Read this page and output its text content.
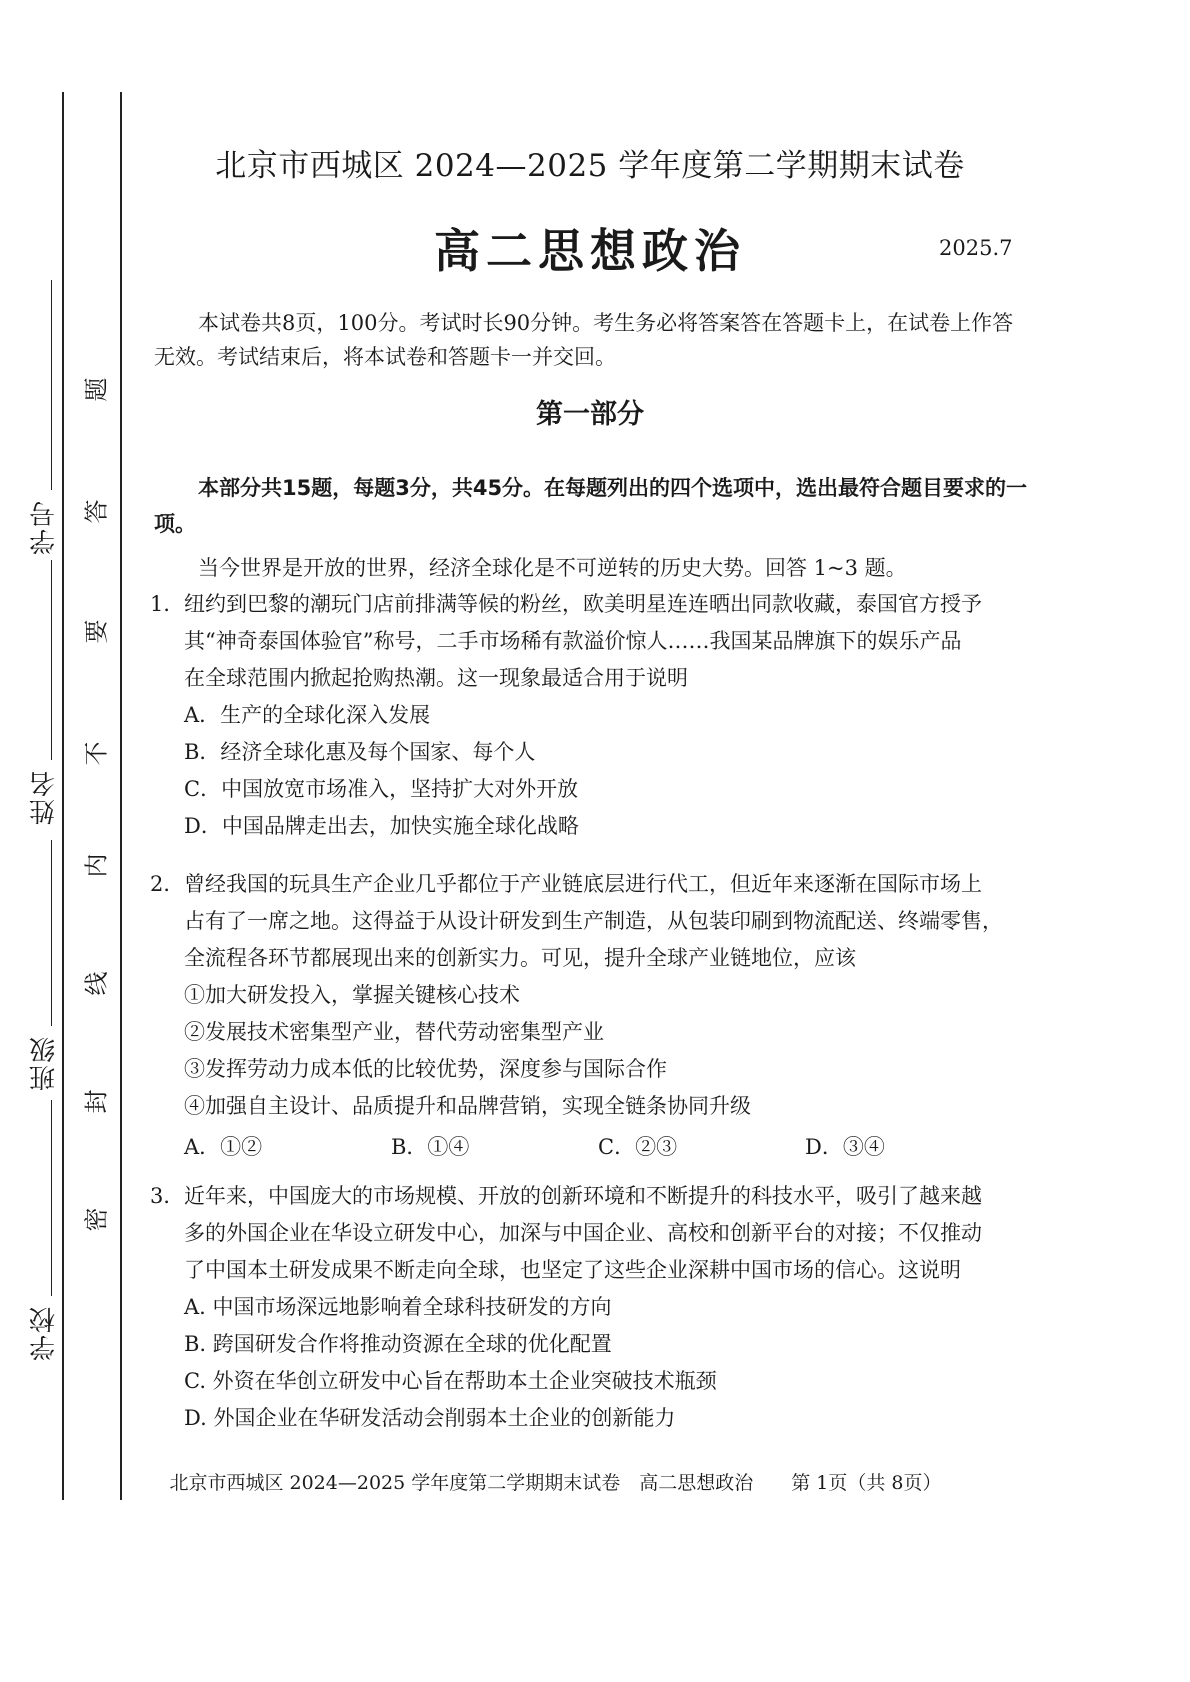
学号
姓名
班级
学校
题
答
要
不
内
线
封
密
北京市西城区 2024—2025 学年度第二学期期末试卷
高二思想政治	2025.7
本试卷共8页，100分。考试时长90分钟。考生务必将答案答在答题卡上，在试卷上作答无效。考试结束后，将本试卷和答题卡一并交回。
第一部分
本部分共15题，每题3分，共45分。在每题列出的四个选项中，选出最符合题目要求的一项。
当今世界是开放的世界，经济全球化是不可逆转的历史大势。回答 1~3 题。
1． 纽约到巴黎的潮玩门店前排满等候的粉丝，欧美明星连连晒出同款收藏，泰国官方授予
其“神奇泰国体验官”称号，二手市场稀有款溢价惊人……我国某品牌旗下的娱乐产品
在全球范围内掀起抢购热潮。这一现象最适合用于说明
A．生产的全球化深入发展
B．经济全球化惠及每个国家、每个人
C．中国放宽市场准入，坚持扩大对外开放
D．中国品牌走出去，加快实施全球化战略
2． 曾经我国的玩具生产企业几乎都位于产业链底层进行代工，但近年来逐渐在国际市场上
占有了一席之地。这得益于从设计研发到生产制造，从包装印刷到物流配送、终端零售，
全流程各环节都展现出来的创新实力。可见，提升全球产业链地位，应该
①加大研发投入，掌握关键核心技术
②发展技术密集型产业，替代劳动密集型产业
③发挥劳动力成本低的比较优势，深度参与国际合作
④加强自主设计、品质提升和品牌营销，实现全链条协同升级
A．①②	B．①④	C．②③	D．③④
3． 近年来，中国庞大的市场规模、开放的创新环境和不断提升的科技水平，吸引了越来越
多的外国企业在华设立研发中心，加深与中国企业、高校和创新平台的对接；不仅推动
了中国本土研发成果不断走向全球，也坚定了这些企业深耕中国市场的信心。这说明
A. 中国市场深远地影响着全球科技研发的方向
B. 跨国研发合作将推动资源在全球的优化配置
C. 外资在华创立研发中心旨在帮助本土企业突破技术瓶颈
D. 外国企业在华研发活动会削弱本土企业的创新能力
北京市西城区 2024—2025 学年度第二学期期末试卷　高二思想政治　　第 1页（共 8页）
